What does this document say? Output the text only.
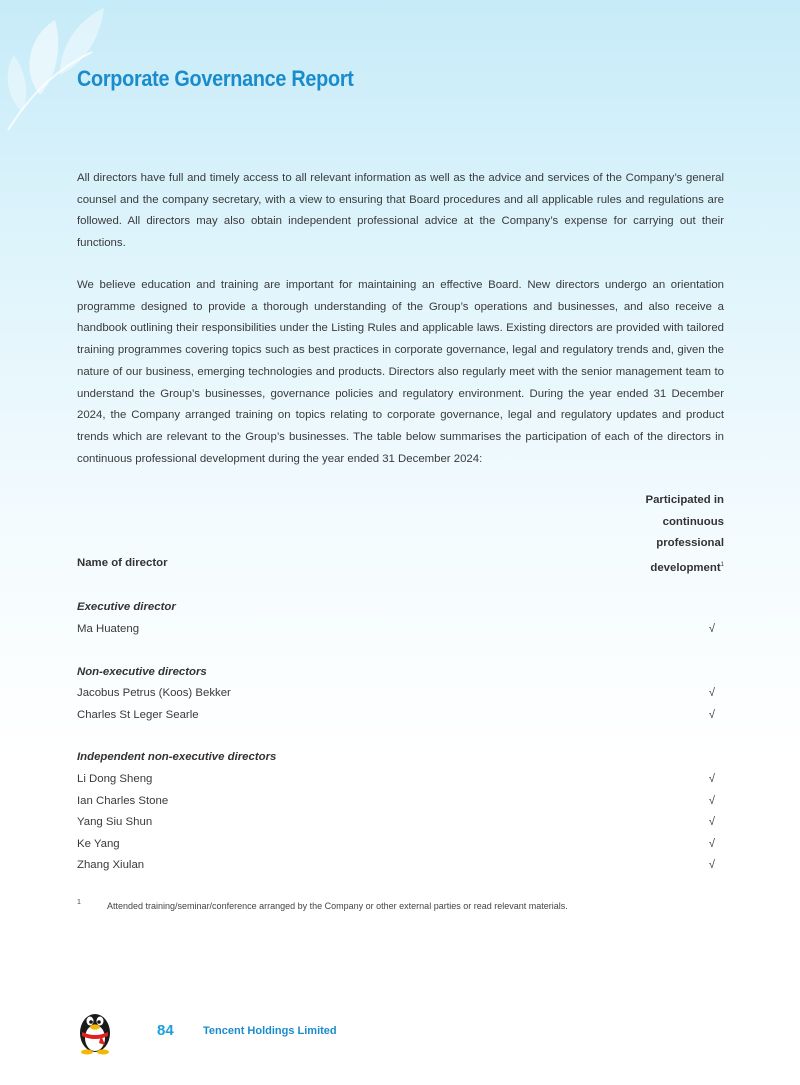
Corporate Governance Report

All directors have full and timely access to all relevant information as well as the advice and services of the Company’s general counsel and the company secretary, with a view to ensuring that Board procedures and all applicable rules and regulations are followed. All directors may also obtain independent professional advice at the Company’s expense for carrying out their functions.

We believe education and training are important for maintaining an effective Board. New directors undergo an orientation programme designed to provide a thorough understanding of the Group’s operations and businesses, and also receive a handbook outlining their responsibilities under the Listing Rules and applicable laws. Existing directors are provided with tailored training programmes covering topics such as best practices in corporate governance, legal and regulatory trends and, given the nature of our business, emerging technologies and products. Directors also regularly meet with the senior management team to understand the Group’s businesses, governance policies and regulatory environment. During the year ended 31 December 2024, the Company arranged training on topics relating to corporate governance, legal and regulatory updates and product trends which are relevant to the Group’s businesses. The table below summarises the participation of each of the directors in continuous professional development during the year ended 31 December 2024:

Participated in
continuous
professional
development$^1$
Name of director
Executive director
Ma Huateng	√
Non-executive directors
Jacobus Petrus (Koos) Bekker	√
Charles St Leger Searle	√
Independent non-executive directors
Li Dong Sheng	√
Ian Charles Stone	√
Yang Siu Shun	√
Ke Yang	√
Zhang Xiulan	√
1	Attended training/seminar/conference arranged by the Company or other external parties or read relevant materials.
84	Tencent Holdings Limited
